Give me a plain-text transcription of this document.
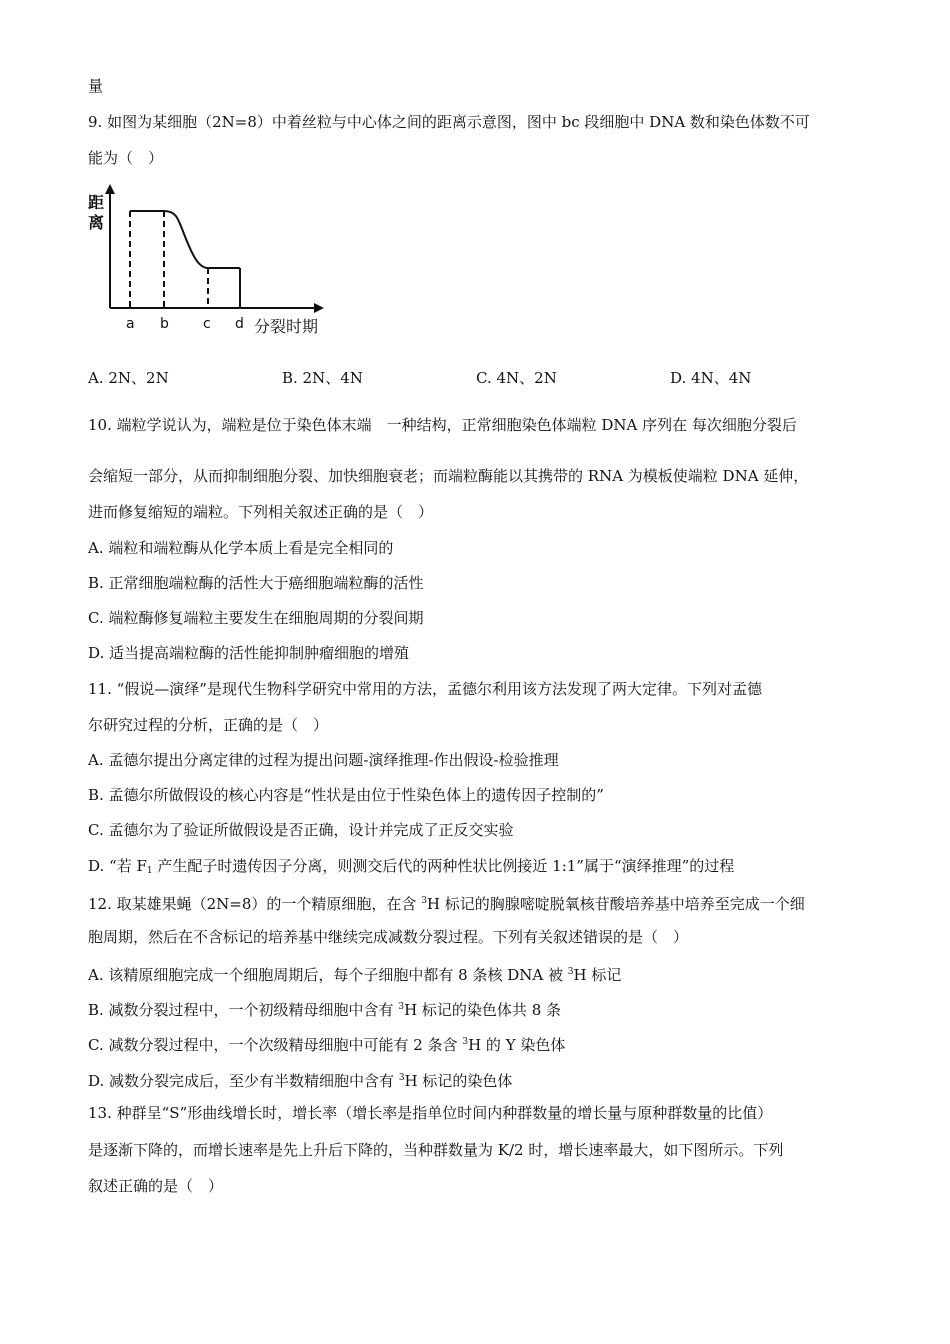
量
9. 如图为某细胞（2N=8）中着丝粒与中心体之间的距离示意图，图中 bc 段细胞中 DNA 数和染色体数不可
能为（　）
距
离
a b c d 分裂时期
A. 2N、2N	B. 2N、4N	C. 4N、2N	D. 4N、4N
10. 端粒学说认为，端粒是位于染色体末端　一种结构，正常细胞染色体端粒 DNA 序列在 每次细胞分裂后
会缩短一部分，从而抑制细胞分裂、加快细胞衰老；而端粒酶能以其携带的 RNA 为模板使端粒 DNA 延伸，
进而修复缩短的端粒。下列相关叙述正确的是（　）
A. 端粒和端粒酶从化学本质上看是完全相同的
B. 正常细胞端粒酶的活性大于癌细胞端粒酶的活性
C. 端粒酶修复端粒主要发生在细胞周期的分裂间期
D. 适当提高端粒酶的活性能抑制肿瘤细胞的增殖
11. “假说—演绎”是现代生物科学研究中常用的方法，孟德尔利用该方法发现了两大定律。下列对孟德
尔研究过程的分析，正确的是（　）
A. 孟德尔提出分离定律的过程为提出问题-演绎推理-作出假设-检验推理
B. 孟德尔所做假设的核心内容是“性状是由位于性染色体上的遗传因子控制的”
C. 孟德尔为了验证所做假设是否正确，设计并完成了正反交实验
D. “若 $F_1$ 产生配子时遗传因子分离，则测交后代的两种性状比例接近 1:1”属于“演绎推理”的过程
12. 取某雄果蝇（2N=8）的一个精原细胞，在含 $^3$H 标记的胸腺嘧啶脱氧核苷酸培养基中培养至完成一个细
胞周期，然后在不含标记的培养基中继续完成减数分裂过程。下列有关叙述错误的是（　）
A. 该精原细胞完成一个细胞周期后，每个子细胞中都有 8 条核 DNA 被 $^3$H 标记
B. 减数分裂过程中，一个初级精母细胞中含有 $^3$H 标记的染色体共 8 条
C. 减数分裂过程中，一个次级精母细胞中可能有 2 条含 $^3$H 的 Y 染色体
D. 减数分裂完成后，至少有半数精细胞中含有 $^3$H 标记的染色体
13. 种群呈“S”形曲线增长时，增长率（增长率是指单位时间内种群数量的增长量与原种群数量的比值）
是逐渐下降的，而增长速率是先上升后下降的，当种群数量为 K/2 时，增长速率最大，如下图所示。下列
叙述正确的是（　）
